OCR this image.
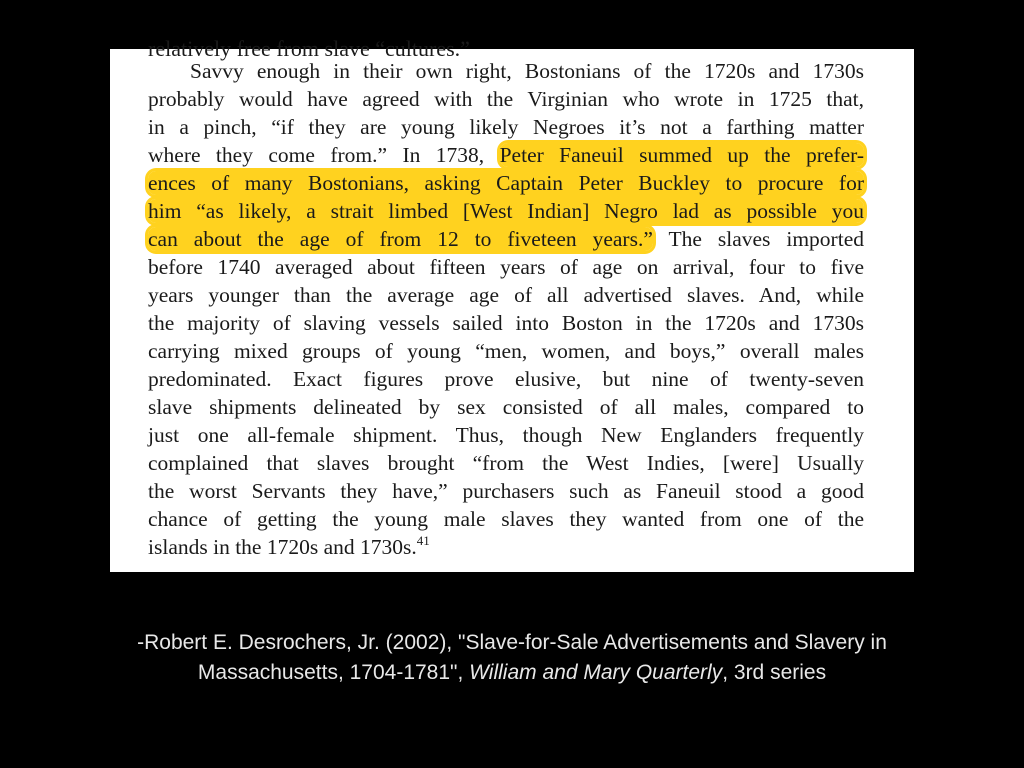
relatively free from slave “cultures.”
Savvy enough in their own right, Bostonians of the 1720s and 1730s
probably would have agreed with the Virginian who wrote in 1725 that,
in a pinch, “if they are young likely Negroes it’s not a farthing matter
where they come from.” In 1738, Peter Faneuil summed up the prefer-
ences of many Bostonians, asking Captain Peter Buckley to procure for
him “as likely, a strait limbed [West Indian] Negro lad as possible you
can about the age of from 12 to fiveteen years.” The slaves imported
before 1740 averaged about fifteen years of age on arrival, four to five
years younger than the average age of all advertised slaves. And, while
the majority of slaving vessels sailed into Boston in the 1720s and 1730s
carrying mixed groups of young “men, women, and boys,” overall males
predominated. Exact figures prove elusive, but nine of twenty-seven
slave shipments delineated by sex consisted of all males, compared to
just one all-female shipment. Thus, though New Englanders frequently
complained that slaves brought “from the West Indies, [were] Usually
the worst Servants they have,” purchasers such as Faneuil stood a good
chance of getting the young male slaves they wanted from one of the
islands in the 1720s and 1730s.$^{41}$
-Robert E. Desrochers, Jr. (2002), "Slave-for-Sale Advertisements and Slavery in Massachusetts, 1704-1781", William and Mary Quarterly, 3rd series
